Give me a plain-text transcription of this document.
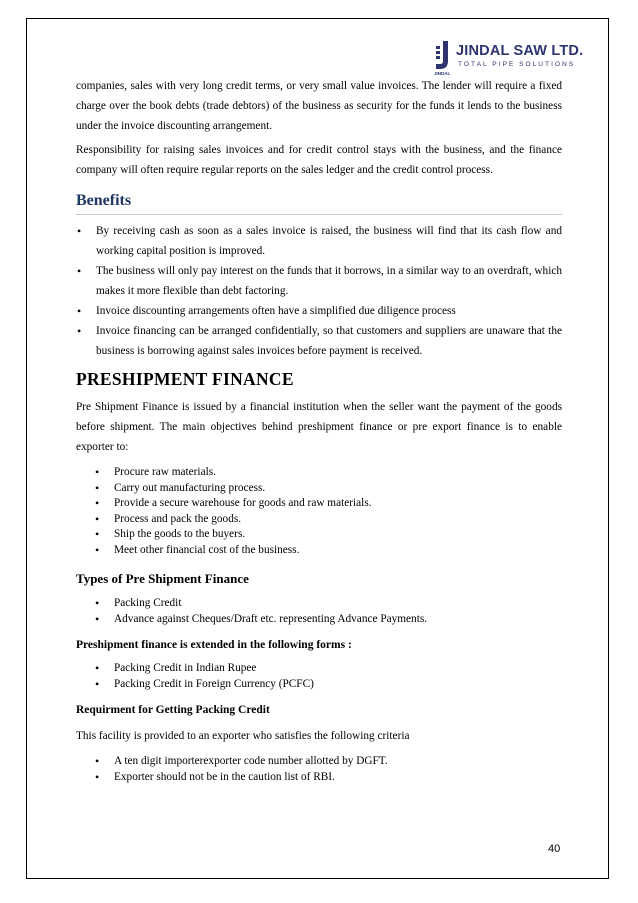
JINDAL SAW LTD.
TOTAL PIPE SOLUTIONS
JINDAL

companies, sales with very long credit terms, or very small value invoices. The lender will require a fixed charge over the book debts (trade debtors) of the business as security for the funds it lends to the business under the invoice discounting arrangement.

Responsibility for raising sales invoices and for credit control stays with the business, and the finance company will often require regular reports on the sales ledger and the credit control process.

Benefits
• By receiving cash as soon as a sales invoice is raised, the business will find that its cash flow and working capital position is improved.
• The business will only pay interest on the funds that it borrows, in a similar way to an overdraft, which makes it more flexible than debt factoring.
• Invoice discounting arrangements often have a simplified due diligence process
• Invoice financing can be arranged confidentially, so that customers and suppliers are unaware that the business is borrowing against sales invoices before payment is received.
PRESHIPMENT FINANCE

Pre Shipment Finance is issued by a financial institution when the seller want the payment of the goods before shipment. The main objectives behind preshipment finance or pre export finance is to enable exporter to:

• Procure raw materials.
• Carry out manufacturing process.
• Provide a secure warehouse for goods and raw materials.
• Process and pack the goods.
• Ship the goods to the buyers.
• Meet other financial cost of the business.
Types of Pre Shipment Finance
• Packing Credit
• Advance against Cheques/Draft etc. representing Advance Payments.
Preshipment finance is extended in the following forms :
• Packing Credit in Indian Rupee
• Packing Credit in Foreign Currency (PCFC)
Requirment for Getting Packing Credit

This facility is provided to an exporter who satisfies the following criteria

• A ten digit importerexporter code number allotted by DGFT.
• Exporter should not be in the caution list of RBI.
40
